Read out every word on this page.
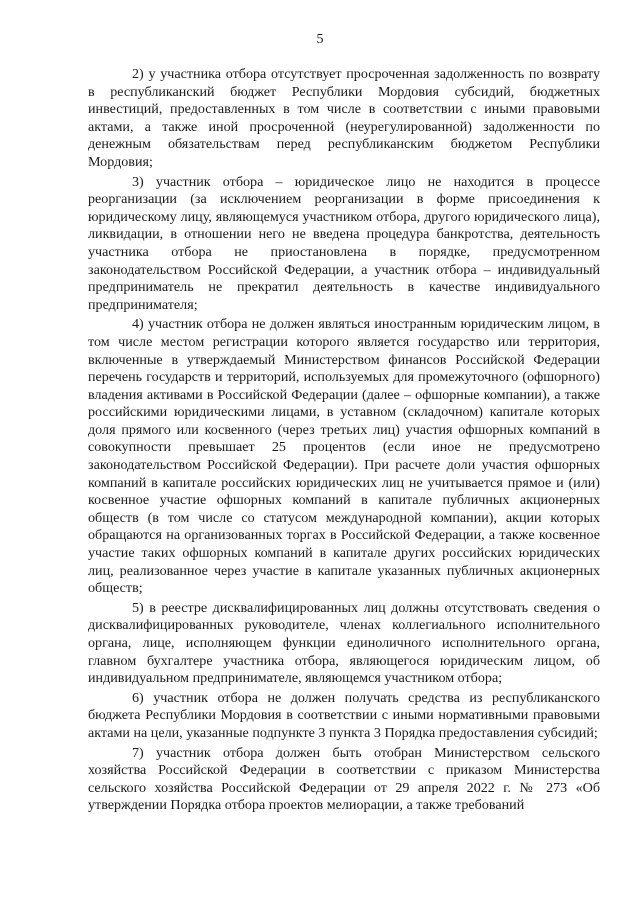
5

2) у участника отбора отсутствует просроченная задолженность по возврату в республиканский бюджет Республики Мордовия субсидий, бюджетных инвестиций, предоставленных в том числе в соответствии с иными правовыми актами, а также иной просроченной (неурегулированной) задолженности по денежным обязательствам перед республиканским бюджетом Республики Мордовия;

3) участник отбора – юридическое лицо не находится в процессе реорганизации (за исключением реорганизации в форме присоединения к юридическому лицу, являющемуся участником отбора, другого юридического лица), ликвидации, в отношении него не введена процедура банкротства, деятельность участника отбора не приостановлена в порядке, предусмотренном законодательством Российской Федерации, а участник отбора – индивидуальный предприниматель не прекратил деятельность в качестве индивидуального предпринимателя;

4) участник отбора не должен являться иностранным юридическим лицом, в том числе местом регистрации которого является государство или территория, включенные в утверждаемый Министерством финансов Российской Федерации перечень государств и территорий, используемых для промежуточного (офшорного) владения активами в Российской Федерации (далее – офшорные компании), а также российскими юридическими лицами, в уставном (складочном) капитале которых доля прямого или косвенного (через третьих лиц) участия офшорных компаний в совокупности превышает 25 процентов (если иное не предусмотрено законодательством Российской Федерации). При расчете доли участия офшорных компаний в капитале российских юридических лиц не учитывается прямое и (или) косвенное участие офшорных компаний в капитале публичных акционерных обществ (в том числе со статусом международной компании), акции которых обращаются на организованных торгах в Российской Федерации, а также косвенное участие таких офшорных компаний в капитале других российских юридических лиц, реализованное через участие в капитале указанных публичных акционерных обществ;

5) в реестре дисквалифицированных лиц должны отсутствовать сведения о дисквалифицированных руководителе, членах коллегиального исполнительного органа, лице, исполняющем функции единоличного исполнительного органа, главном бухгалтере участника отбора, являющегося юридическим лицом, об индивидуальном предпринимателе, являющемся участником отбора;

6) участник отбора не должен получать средства из республиканского бюджета Республики Мордовия в соответствии с иными нормативными правовыми актами на цели, указанные подпункте 3 пункта 3 Порядка предоставления субсидий;

7) участник отбора должен быть отобран Министерством сельского хозяйства Российской Федерации в соответствии с приказом Министерства сельского хозяйства Российской Федерации от 29 апреля 2022 г. № 273 «Об утверждении Порядка отбора проектов мелиорации, а также требований
